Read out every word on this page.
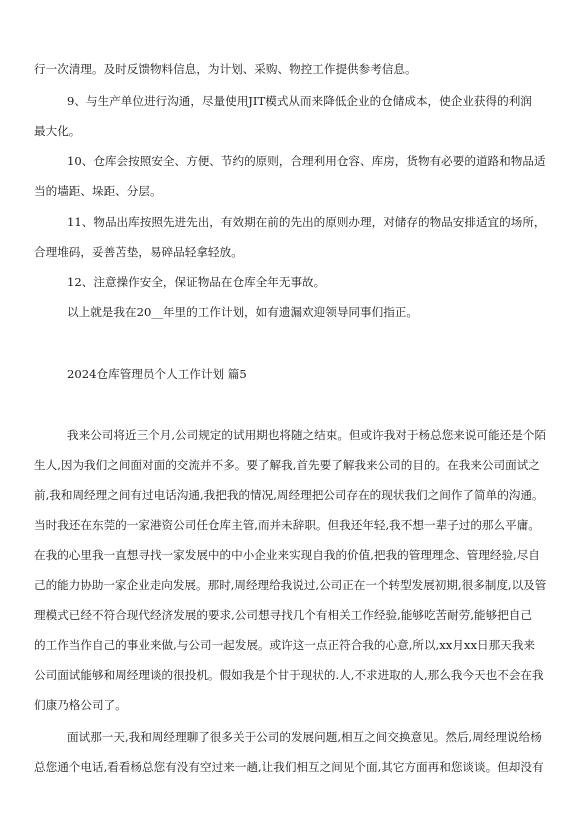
行一次清理。及时反馈物料信息，为计划、采购、物控工作提供参考信息。
9、与生产单位进行沟通，尽量使用JIT模式从而来降低企业的仓储成本，使企业获得的利润
最大化。
10、仓库会按照安全、方便、节约的原则，合理利用仓容、库房，货物有必要的道路和物品适
当的墙距、垛距、分层。
11、物品出库按照先进先出，有效期在前的先出的原则办理，对储存的物品安排适宜的场所，
合理堆码，妥善苫垫，易碎品轻拿轻放。
12、注意操作安全，保证物品在仓库全年无事故。
以上就是我在20__年里的工作计划，如有遗漏欢迎领导同事们指正。
2024仓库管理员个人工作计划 篇5
我来公司将近三个月,公司规定的试用期也将随之结束。但或许我对于杨总您来说可能还是个陌
生人,因为我们之间面对面的交流并不多。要了解我,首先要了解我来公司的目的。在我来公司面试之
前,我和周经理之间有过电话沟通,我把我的情况,周经理把公司存在的现状我们之间作了简单的沟通。
当时我还在东莞的一家港资公司任仓库主管,而并未辞职。但我还年轻,我不想一辈子过的那么平庸。
在我的心里我一直想寻找一家发展中的中小企业来实现自我的价值,把我的管理理念、管理经验,尽自
己的能力协助一家企业走向发展。那时,周经理给我说过,公司正在一个转型发展初期,很多制度,以及管
理模式已经不符合现代经济发展的要求,公司想寻找几个有相关工作经验,能够吃苦耐劳,能够把自己
的工作当作自己的事业来做,与公司一起发展。或许这一点正符合我的心意,所以,xx月xx日那天我来
公司面试能够和周经理谈的很投机。假如我是个甘于现状的.人,不求进取的人,那么我今天也不会在我
们康乃格公司了。
面试那一天,我和周经理聊了很多关于公司的发展问题,相互之间交换意见。然后,周经理说给杨
总您通个电话,看看杨总您有没有空过来一趟,让我们相互之间见个面,其它方面再和您谈谈。但却没有
